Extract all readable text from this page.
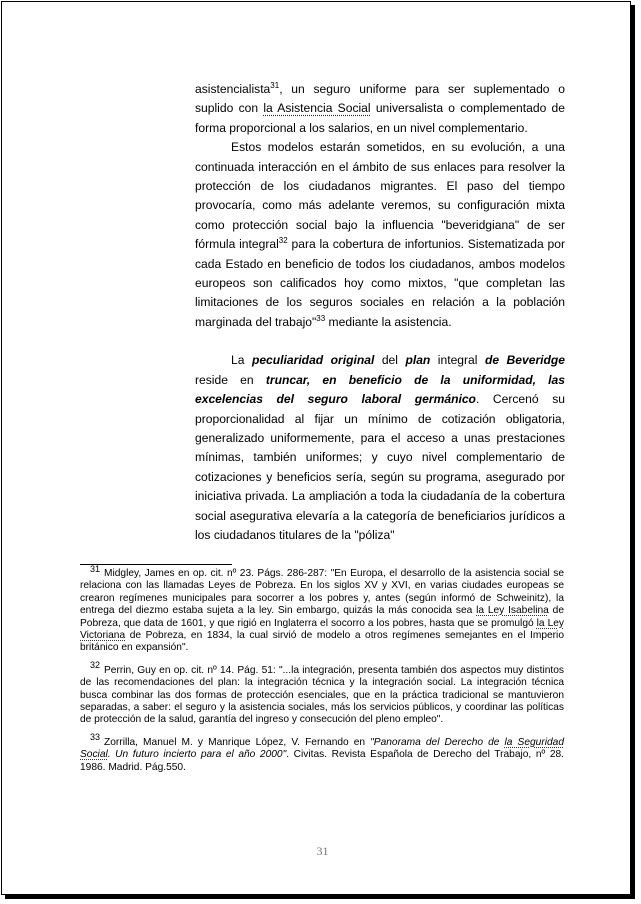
asistencialista$^{31}$, un seguro uniforme para ser suplementado o suplido con la Asistencia Social universalista o complementado de forma proporcional a los salarios, en un nivel complementario.

Estos modelos estarán sometidos, en su evolución, a una continuada interacción en el ámbito de sus enlaces para resolver la protección de los ciudadanos migrantes. El paso del tiempo provocaría, como más adelante veremos, su configuración mixta como protección social bajo la influencia "beveridgiana" de ser fórmula integral$^{32}$ para la cobertura de infortunios. Sistematizada por cada Estado en beneficio de todos los ciudadanos, ambos modelos europeos son calificados hoy como mixtos, "que completan las limitaciones de los seguros sociales en relación a la población marginada del trabajo"$^{33}$ mediante la asistencia.

La peculiaridad original del plan integral de Beveridge reside en truncar, en beneficio de la uniformidad, las excelencias del seguro laboral germánico. Cercenó su proporcionalidad al fijar un mínimo de cotización obligatoria, generalizado uniformemente, para el acceso a unas prestaciones mínimas, también uniformes; y cuyo nivel complementario de cotizaciones y beneficios sería, según su programa, asegurado por iniciativa privada. La ampliación a toda la ciudadanía de la cobertura social asegurativa elevaría a la categoría de beneficiarios jurídicos a los ciudadanos titulares de la "póliza"

31 Midgley, James en op. cit. nº 23. Págs. 286-287: "En Europa, el desarrollo de la asistencia social se relaciona con las llamadas Leyes de Pobreza. En los siglos XV y XVI, en varias ciudades europeas se crearon regímenes municipales para socorrer a los pobres y, antes (según informó de Schweinitz), la entrega del diezmo estaba sujeta a la ley. Sin embargo, quizás la más conocida sea la Ley Isabelina de Pobreza, que data de 1601, y que rigió en Inglaterra el socorro a los pobres, hasta que se promulgó la Ley Victoriana de Pobreza, en 1834, la cual sirvió de modelo a otros regímenes semejantes en el Imperio británico en expansión".

32 Perrin, Guy en op. cit. nº 14. Pág. 51: "...la integración, presenta también dos aspectos muy distintos de las recomendaciones del plan: la integración técnica y la integración social. La integración técnica busca combinar las dos formas de protección esenciales, que en la práctica tradicional se mantuvieron separadas, a saber: el seguro y la asistencia sociales, más los servicios públicos, y coordinar las políticas de protección de la salud, garantía del ingreso y consecución del pleno empleo".

33 Zorrilla, Manuel M. y Manrique López, V. Fernando en "Panorama del Derecho de la Seguridad Social. Un futuro incierto para el año 2000". Civitas. Revista Española de Derecho del Trabajo, nº 28. 1986. Madrid. Pág.550.

31
